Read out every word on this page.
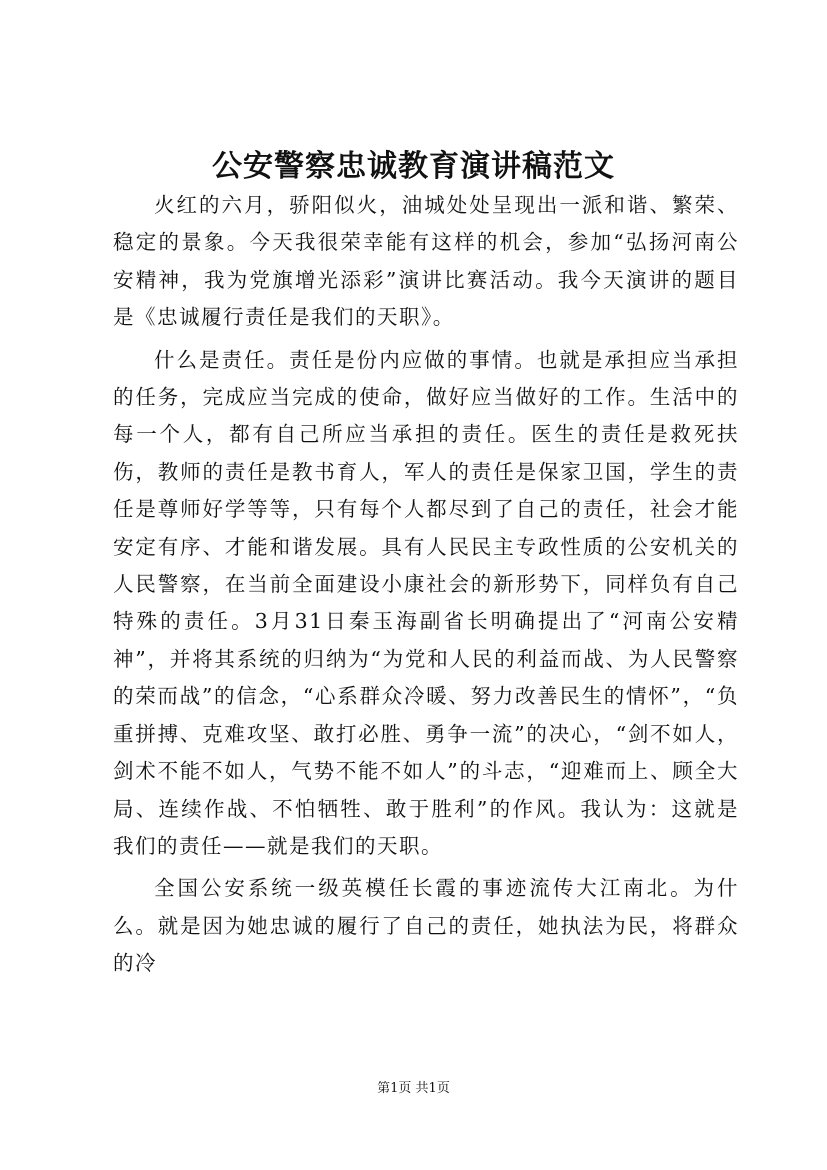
公安警察忠诚教育演讲稿范文

火红的六月，骄阳似火，油城处处呈现出一派和谐、繁荣、稳定的景象。今天我很荣幸能有这样的机会，参加“弘扬河南公安精神，我为党旗增光添彩”演讲比赛活动。我今天演讲的题目是《忠诚履行责任是我们的天职》。

什么是责任。责任是份内应做的事情。也就是承担应当承担的任务，完成应当完成的使命，做好应当做好的工作。生活中的每一个人，都有自己所应当承担的责任。医生的责任是救死扶伤，教师的责任是教书育人，军人的责任是保家卫国，学生的责任是尊师好学等等，只有每个人都尽到了自己的责任，社会才能安定有序、才能和谐发展。具有人民民主专政性质的公安机关的人民警察，在当前全面建设小康社会的新形势下，同样负有自己特殊的责任。3月31日秦玉海副省长明确提出了“河南公安精神”，并将其系统的归纳为“为党和人民的利益而战、为人民警察的荣而战”的信念，“心系群众冷暖、努力改善民生的情怀”，“负重拼搏、克难攻坚、敢打必胜、勇争一流”的决心，“剑不如人，剑术不能不如人，气势不能不如人”的斗志，“迎难而上、顾全大局、连续作战、不怕牺牲、敢于胜利”的作风。我认为：这就是我们的责任——就是我们的天职。

全国公安系统一级英模任长霞的事迹流传大江南北。为什么。就是因为她忠诚的履行了自己的责任，她执法为民，将群众的冷

第1页 共1页
